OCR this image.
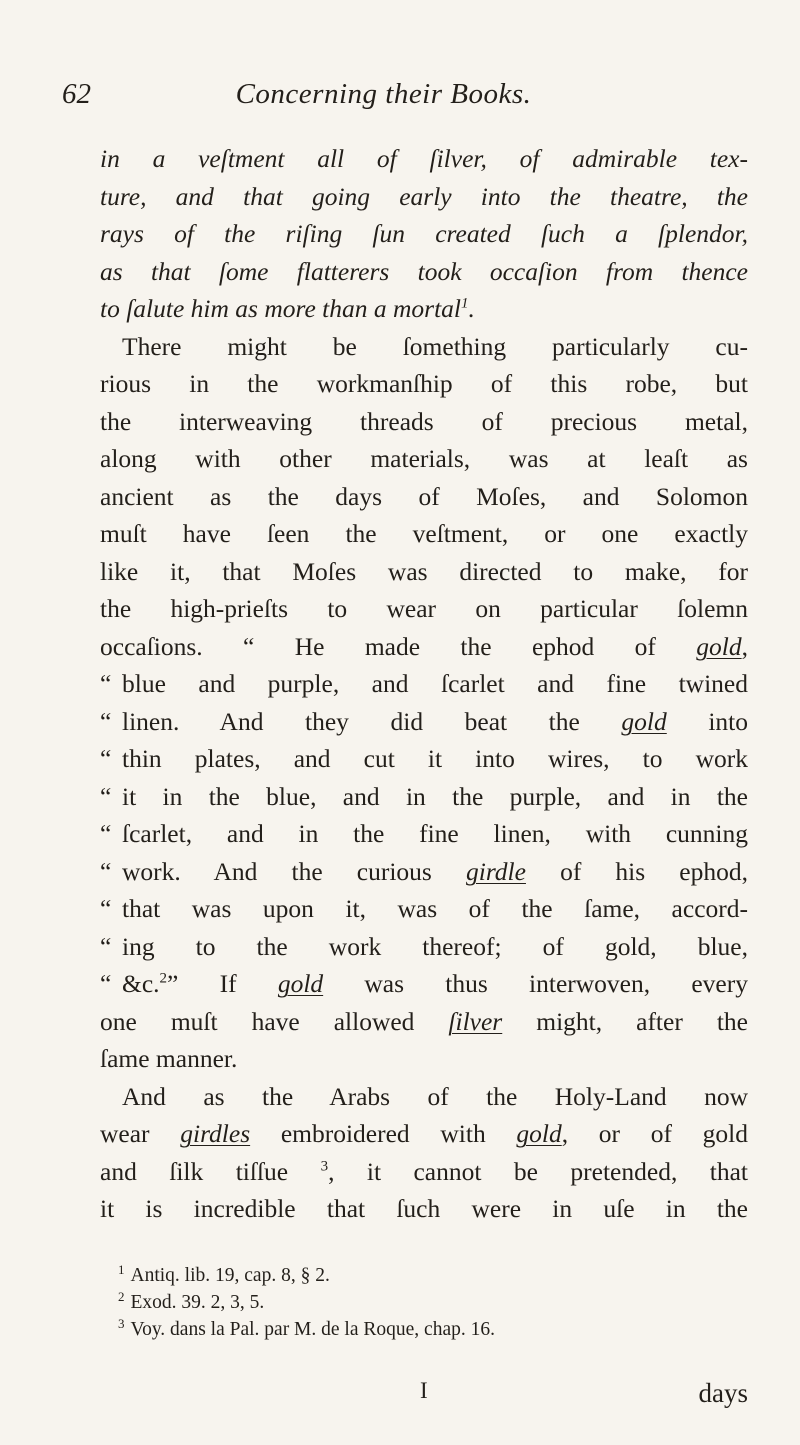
62	Concerning their Books.
in a veſtment all of ſilver, of admirable tex-
ture, and that going early into the theatre, the
rays of the riſing ſun created ſuch a ſplendor,
as that ſome flatterers took occaſion from thence
to ſalute him as more than a mortal$^1$.
There might be ſomething particularly cu-
rious in the workmanſhip of this robe, but
the interweaving threads of precious metal,
along with other materials, was at leaſt as
ancient as the days of Moſes, and Solomon
muſt have ſeen the veſtment, or one exactly
like it, that Moſes was directed to make, for
the high-prieſts to wear on particular ſolemn
occaſions. “ He made the ephod of gold,
“ blue and purple, and ſcarlet and fine twined
“ linen. And they did beat the gold into
“ thin plates, and cut it into wires, to work
“ it in the blue, and in the purple, and in the
“ ſcarlet, and in the fine linen, with cunning
“ work. And the curious girdle of his ephod,
“ that was upon it, was of the ſame, accord-
“ ing to the work thereof; of gold, blue,
“ &c.$^2$” If gold was thus interwoven, every
one muſt have allowed ſilver might, after the
ſame manner.
And as the Arabs of the Holy-Land now
wear girdles embroidered with gold, or of gold
and ſilk tiſſue $^3$, it cannot be pretended, that
it is incredible that ſuch were in uſe in the
$^1$ Antiq. lib. 19, cap. 8, § 2.
$^2$ Exod. 39. 2, 3, 5.
$^3$ Voy. dans la Pal. par M. de la Roque, chap. 16.
I	days
